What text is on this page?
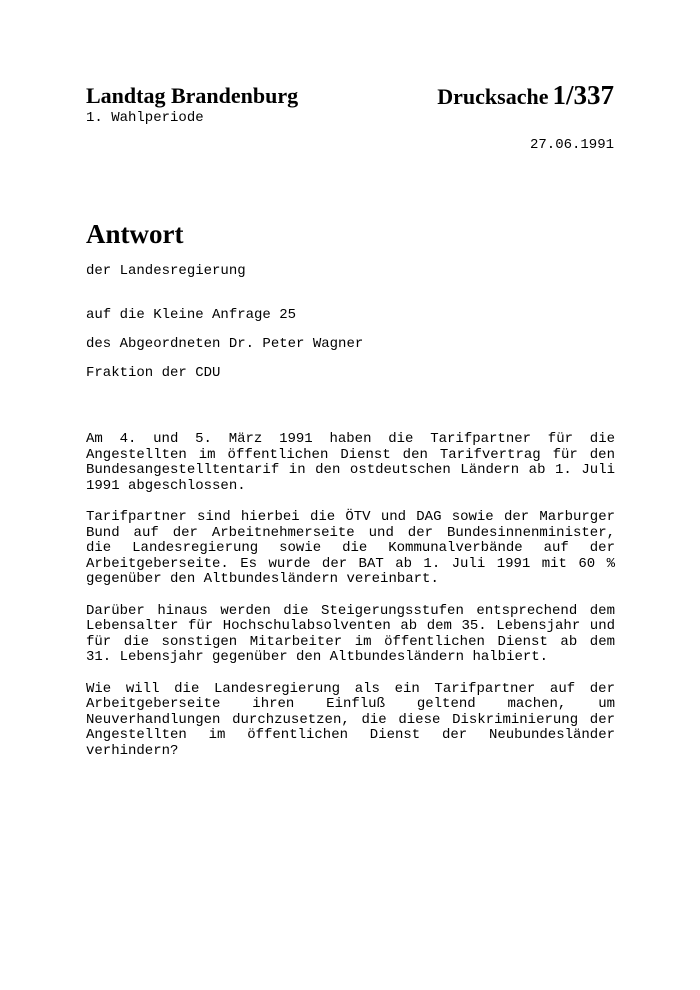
Landtag Brandenburg
1. Wahlperiode
Drucksache 1/337
27.06.1991
Antwort
der Landesregierung
auf die Kleine Anfrage 25
des Abgeordneten Dr. Peter Wagner
Fraktion der CDU

Am 4. und 5. März 1991 haben die Tarifpartner für die Angestellten im öffentlichen Dienst den Tarifvertrag für den Bundesangestelltentarif in den ostdeutschen Ländern ab 1. Juli 1991 abgeschlossen.

Tarifpartner sind hierbei die ÖTV und DAG sowie der Marburger Bund auf der Arbeitnehmerseite und der Bundesinnenminister, die Landesregierung sowie die Kommunalverbände auf der Arbeitgeberseite. Es wurde der BAT ab 1. Juli 1991 mit 60 % gegenüber den Altbundesländern vereinbart.

Darüber hinaus werden die Steigerungsstufen entsprechend dem Lebensalter für Hochschulabsolventen ab dem 35. Lebensjahr und für die sonstigen Mitarbeiter im öffentlichen Dienst ab dem 31. Lebensjahr gegenüber den Altbundesländern halbiert.

Wie will die Landesregierung als ein Tarifpartner auf der Arbeitgeberseite ihren Einfluß geltend machen, um Neuverhandlungen durchzusetzen, die diese Diskriminierung der Angestellten im öffentlichen Dienst der Neubundesländer verhindern?
